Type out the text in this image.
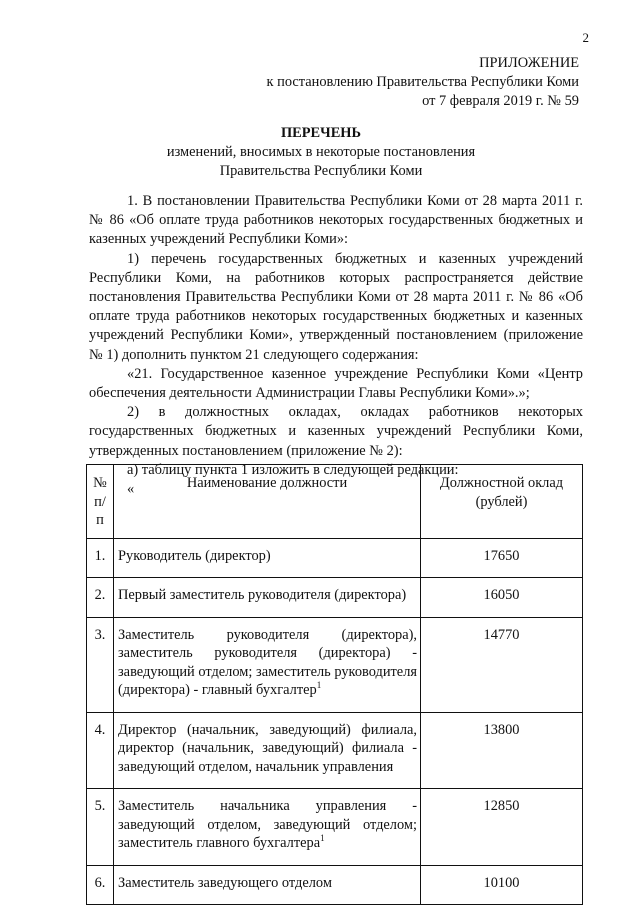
2
ПРИЛОЖЕНИЕ
к постановлению Правительства Республики Коми
от 7 февраля 2019 г. № 59
ПЕРЕЧЕНЬ
изменений, вносимых в некоторые постановления
Правительства Республики Коми

1. В постановлении Правительства Республики Коми от 28 марта 2011 г. № 86 «Об оплате труда работников некоторых государственных бюджетных и казенных учреждений Республики Коми»:

1) перечень государственных бюджетных и казенных учреждений Республики Коми, на работников которых распространяется действие постановления Правительства Республики Коми от 28 марта 2011 г. № 86 «Об оплате труда работников некоторых государственных бюджетных и казенных учреждений Республики Коми», утвержденный постановлением (приложение № 1) дополнить пунктом 21 следующего содержания:

«21. Государственное казенное учреждение Республики Коми «Центр обеспечения деятельности Администрации Главы Республики Коми».»;

2) в должностных окладах, окладах работников некоторых государственных бюджетных и казенных учреждений Республики Коми, утвержденных постановлением (приложение № 2):

а) таблицу пункта 1 изложить в следующей редакции:

«

№ п/п	Наименование должности	Должностной оклад (рублей)
1.	Руководитель (директор)	17650
2.	Первый заместитель руководителя (директора)	16050
3.	Заместитель руководителя (директора), заместитель руководителя (директора) - заведующий отделом; заместитель руководителя (директора) - главный бухгалтер$^1$	14770
4.	Директор (начальник, заведующий) филиала, директор (начальник, заведующий) филиала - заведующий отделом, начальник управления	13800
5.	Заместитель начальника управления - заведующий отделом, заведующий отделом; заместитель главного бухгалтера$^1$	12850
6.	Заместитель заведующего отделом	10100
